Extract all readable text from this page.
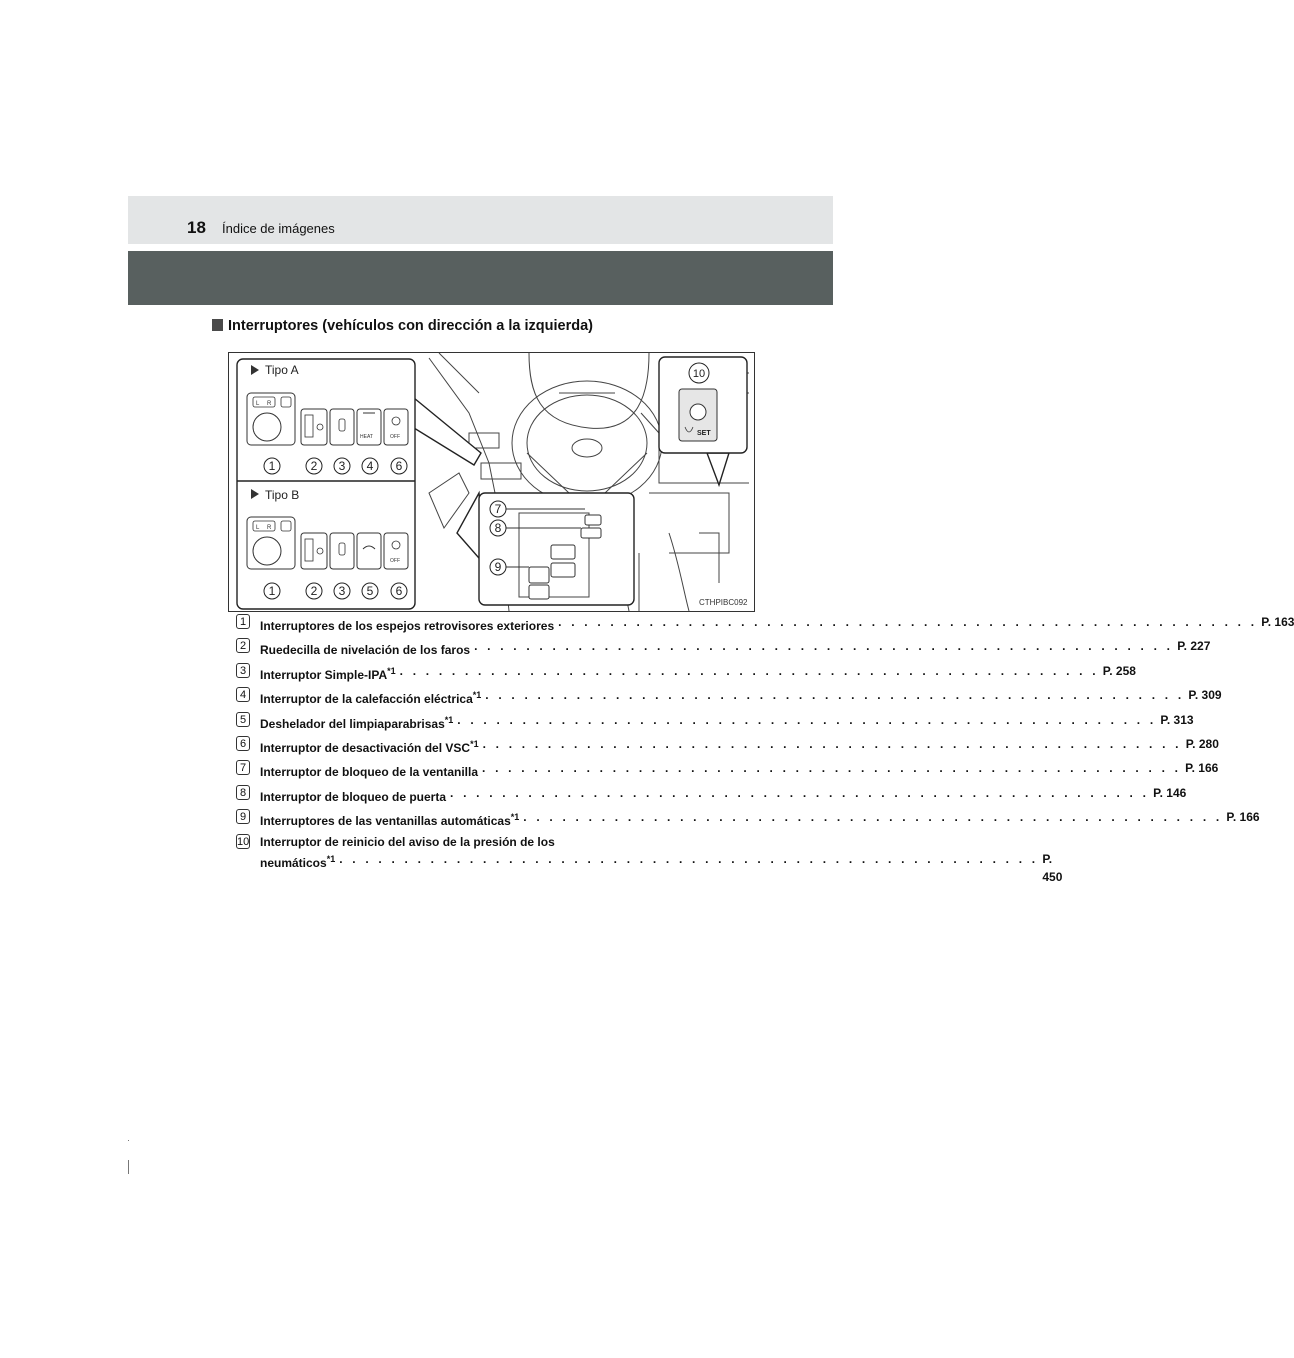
18 Índice de imágenes
Interruptores (vehículos con dirección a la izquierda)
Tipo A
L R
HEAT	OFF
Tipo B
L R
OFF
1	2 3 4 6
1	2 3 5 6
7
8
9
10
SET
CTHPIBC092
1	Interruptores de los espejos retrovisores exteriores . . . . . . . . . . . . . . . . . . . . . . . . . . . . . . . . . . . . . . . . . . . . . . . . . . . . . . P. 163
2	Ruedecilla de nivelación de los faros . . . . . . . . . . . . . . . . . . . . . . . . . . . . . . . . . . . . . . . . . . . . . . . . . . . . . . P. 227
3	Interruptor Simple-IPA$^{*1}$ . . . . . . . . . . . . . . . . . . . . . . . . . . . . . . . . . . . . . . . . . . . . . . . . . . . . . . P. 258
4	Interruptor de la calefacción eléctrica$^{*1}$ . . . . . . . . . . . . . . . . . . . . . . . . . . . . . . . . . . . . . . . . . . . . . . . . . . . . . . P. 309
5	Deshelador del limpiaparabrisas$^{*1}$ . . . . . . . . . . . . . . . . . . . . . . . . . . . . . . . . . . . . . . . . . . . . . . . . . . . . . . P. 313
6	Interruptor de desactivación del VSC$^{*1}$ . . . . . . . . . . . . . . . . . . . . . . . . . . . . . . . . . . . . . . . . . . . . . . . . . . . . . . P. 280
7	Interruptor de bloqueo de la ventanilla . . . . . . . . . . . . . . . . . . . . . . . . . . . . . . . . . . . . . . . . . . . . . . . . . . . . . . P. 166
8	Interruptor de bloqueo de puerta . . . . . . . . . . . . . . . . . . . . . . . . . . . . . . . . . . . . . . . . . . . . . . . . . . . . . . P. 146
9	Interruptores de las ventanillas automáticas$^{*1}$ . . . . . . . . . . . . . . . . . . . . . . . . . . . . . . . . . . . . . . . . . . . . . . . . . . . . . . P. 166
10 Interruptor de reinicio del aviso de la presión de los
neumáticos$^{*1}$ . . . . . . . . . . . . . . . . . . . . . . . . . . . . . . . . . . . . . . . . . . . . . . . . . . . . . . P. 450
